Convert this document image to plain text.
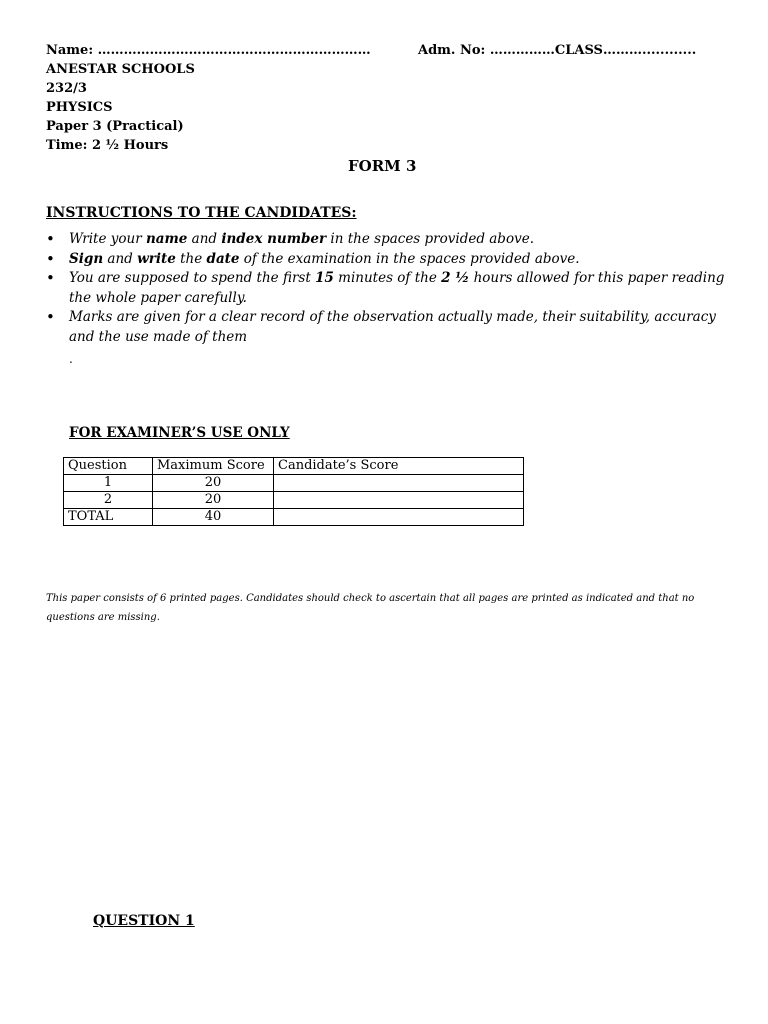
Name: ………………………………………………………	Adm. No: ……………CLASS………............
ANESTAR SCHOOLS
232/3
PHYSICS
Paper 3 (Practical)
Time: 2 ½ Hours
FORM 3
INSTRUCTIONS TO THE CANDIDATES:
• Write your name and index number in the spaces provided above.
• Sign and write the date of the examination in the spaces provided above.
• You are supposed to spend the first 15 minutes of the 2 ½ hours allowed for this paper reading the whole paper carefully.
• Marks are given for a clear record of the observation actually made, their suitability, accuracy and the use made of them
.
FOR EXAMINER’S USE ONLY
Question	Maximum Score	Candidate’s Score
1	20	
2	20	
TOTAL	40	
This paper consists of 6 printed pages. Candidates should check to ascertain that all pages are printed as indicated and that no questions are missing.
QUESTION 1
